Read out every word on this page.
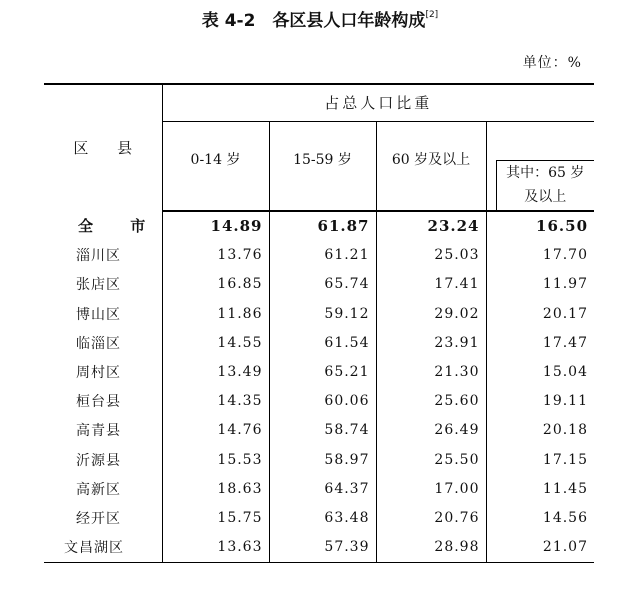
表 4-2　各区县人口年龄构成[2]
单位：%
区 县	占总人口比重			
	0-14 岁	15-59 岁	60 岁及以上	其中：65 岁
及以上

全 市	14.89	61.87	23.24	16.50
淄川区	13.76	61.21	25.03	17.70
张店区	16.85	65.74	17.41	11.97
博山区	11.86	59.12	29.02	20.17
临淄区	14.55	61.54	23.91	17.47
周村区	13.49	65.21	21.30	15.04
桓台县	14.35	60.06	25.60	19.11
高青县	14.76	58.74	26.49	20.18
沂源县	15.53	58.97	25.50	17.15
高新区	18.63	64.37	17.00	11.45
经开区	15.75	63.48	20.76	14.56
文昌湖区	13.63	57.39	28.98	21.07
